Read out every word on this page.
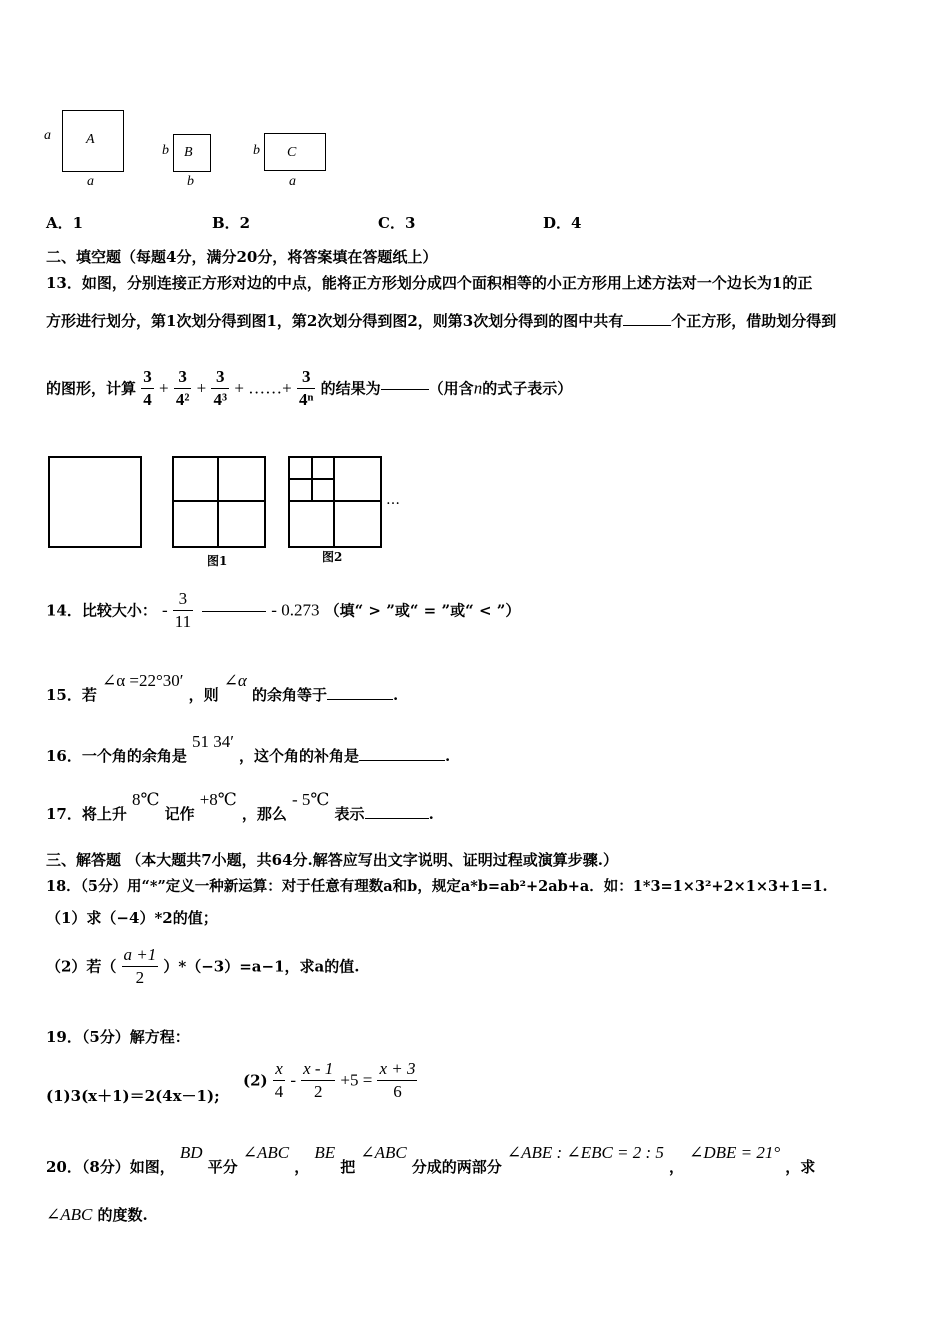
a	A
a
b B
b
b C
a
A．1	B．2	C．3	D．4
二、填空题（每题4分，满分20分，将答案填在答题纸上）
13．如图，分别连接正方形对边的中点，能将正方形划分成四个面积相等的小正方形用上述方法对一个边长为1的正
方形进行划分，第1次划分得到图1，第2次划分得到图2，则第3次划分得到的图中共有	个正方形，借助划分得到
的图形，计算 $\frac{3}{4} + \frac{3}{\text{4²}} + \frac{3}{\text{4³}}$ + ……+ $\frac{3}{\text{4ⁿ}}$ 的结果为	（用含n的式子表示）
图1	图2
…
14．比较大小： - $\frac{3}{11}$	- 0.273 （填“ > ”或“ = ”或“ < ”）
15．若 ∠α =22°30′ ，则 ∠α 的余角等于	.
16．一个角的余角是 51 34′ ，这个角的补角是	.
17．将上升 8℃ 记作 +8℃ ，那么 - 5℃ 表示	.
三、解答题 （本大题共7小题，共64分.解答应写出文字说明、证明过程或演算步骤.）
18．（5分）用“*”定义一种新运算：对于任意有理数a和b，规定a*b=ab²+2ab+a．如：1*3=1×3²+2×1×3+1=1.
（1）求（−4）*2的值；
（2）若（ $\frac{a +1}{2} )*(-3)=a-1$，求a的值.
19．（5分）解方程：
(1)3(x＋1)＝2(4x－1);
$(2) \frac{x}{4} - \frac{x - 1}{2} +5 = \frac{x + 3}{6}$
20．（8分）如图， BD 平分 ∠ABC ， BE 把 ∠ABC 分成的两部分 ∠ABE : ∠EBC = 2 : 5 ， ∠DBE = 21° ，求
∠ABC 的度数.
